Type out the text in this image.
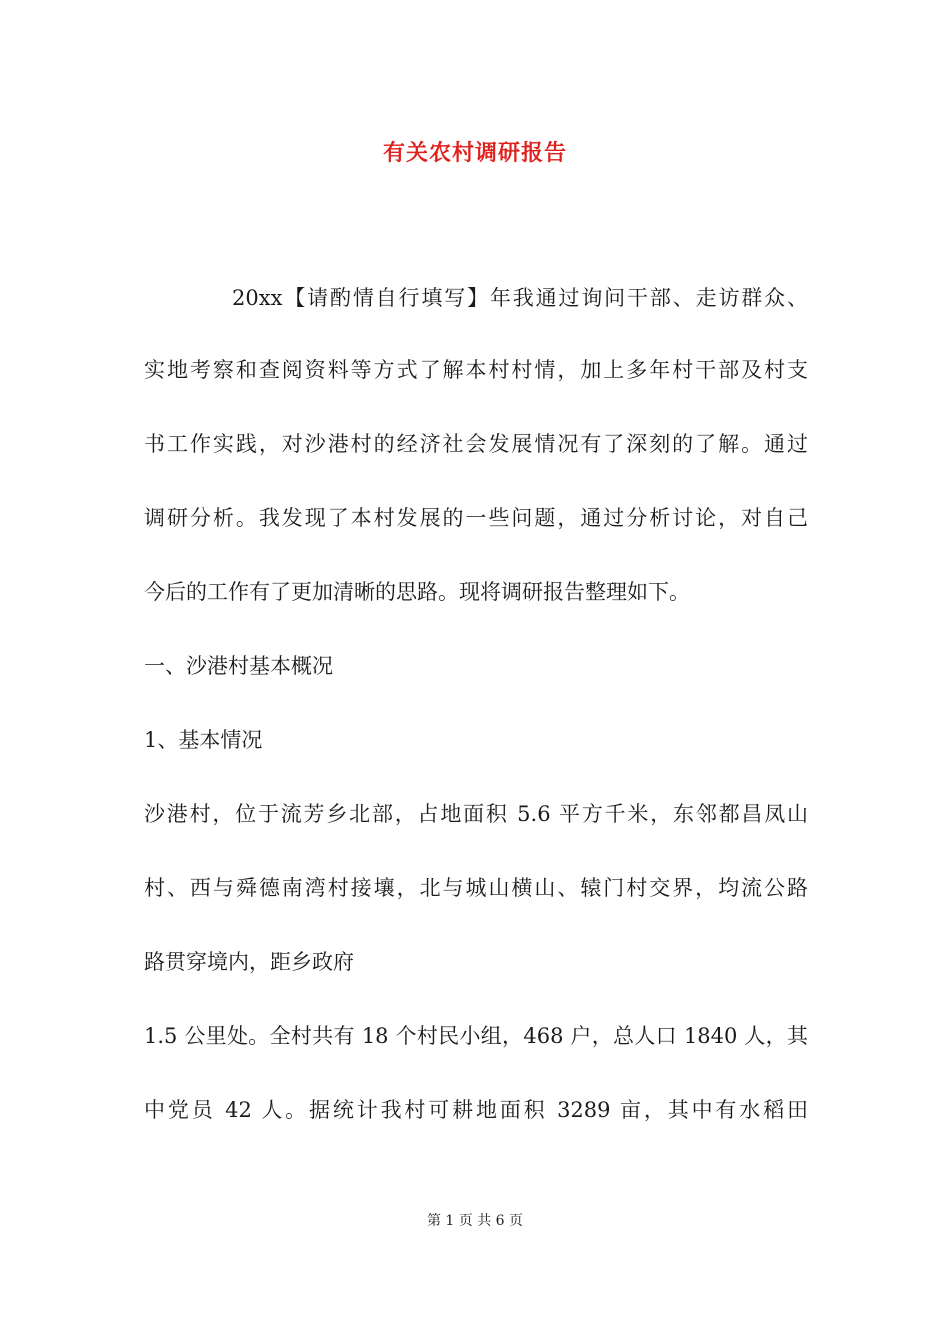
有关农村调研报告
20xx【请酌情自行填写】年我通过询问干部、走访群众、
实地考察和查阅资料等方式了解本村村情，加上多年村干部及村支
书工作实践，对沙港村的经济社会发展情况有了深刻的了解。通过
调研分析。我发现了本村发展的一些问题，通过分析讨论，对自己
今后的工作有了更加清晰的思路。现将调研报告整理如下。
一、沙港村基本概况
1、基本情况
沙港村，位于流芳乡北部，占地面积 5.6 平方千米，东邻都昌凤山
村、西与舜德南湾村接壤，北与城山横山、辕门村交界，均流公路
路贯穿境内，距乡政府
1.5 公里处。全村共有 18 个村民小组，468 户，总人口 1840 人，其
中党员 42 人。据统计我村可耕地面积 3289 亩，其中有水稻田
第 1 页 共 6 页
